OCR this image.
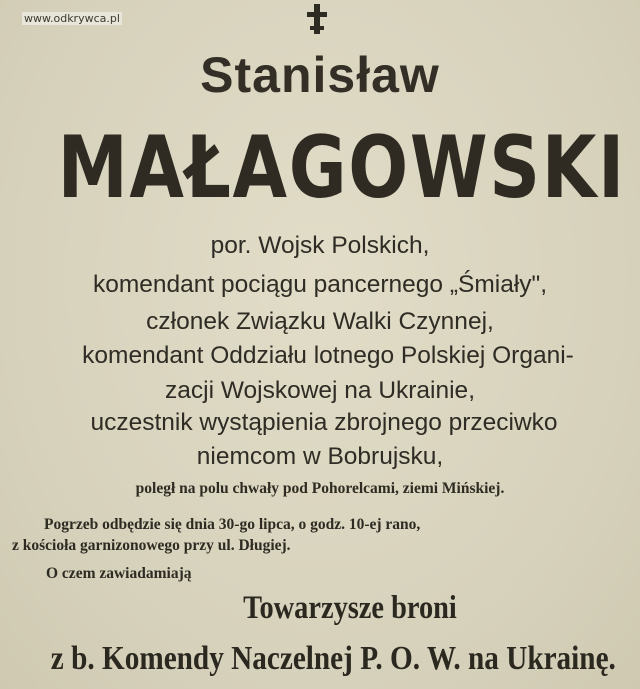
www.odkrywca.pl
Stanisław
MAŁAGOWSKI
por. Wojsk Polskich,
komendant pociągu pancernego „Śmiały",
członek Związku Walki Czynnej,
komendant Oddziału lotnego Polskiej Organi-
zacji Wojskowej na Ukrainie,
uczestnik wystąpienia zbrojnego przeciwko
niemcom w Bobrujsku,
poległ na polu chwały pod Pohorelcami, ziemi Mińskiej.
Pogrzeb odbędzie się dnia 30-go lipca, o godz. 10-ej rano,
z kościoła garnizonowego przy ul. Długiej.
O czem zawiadamiają
Towarzysze broni
z b. Komendy Naczelnej P. O. W. na Ukrainę.
